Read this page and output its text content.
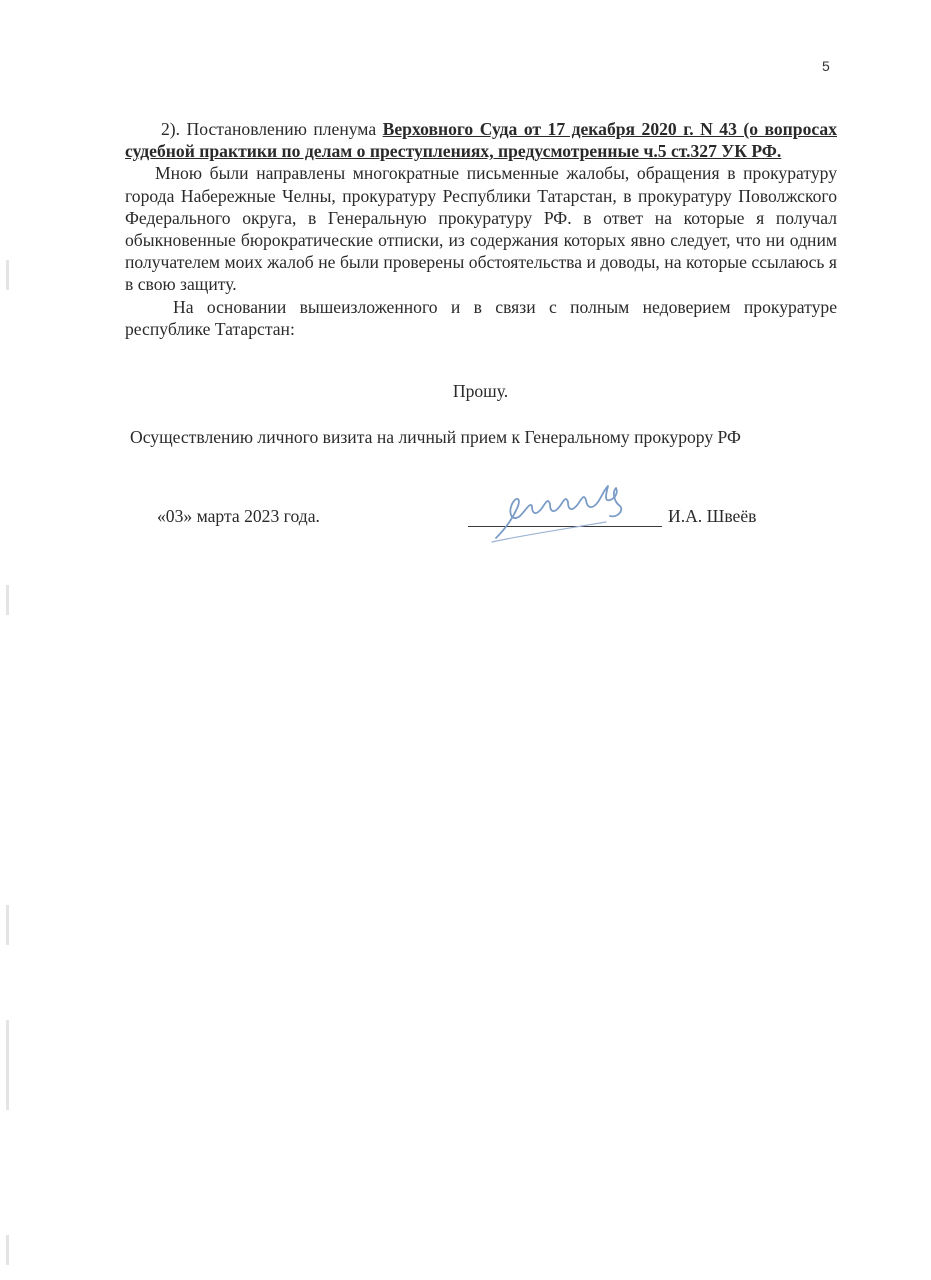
5

2). Постановлению пленума Верховного Суда от 17 декабря 2020 г. N 43 (о вопросах судебной практики по делам о преступлениях, предусмотренные ч.5 ст.327 УК РФ.

Мною были направлены многократные письменные жалобы, обращения в прокуратуру города Набережные Челны, прокуратуру Республики Татарстан, в прокуратуру Поволжского Федерального округа, в Генеральную прокуратуру РФ. в ответ на которые я получал обыкновенные бюрократические отписки, из содержания которых явно следует, что ни одним получателем моих жалоб не были проверены обстоятельства и доводы, на которые ссылаюсь я в свою защиту.

На основании вышеизложенного и в связи с полным недоверием прокуратуре республике Татарстан:

Прошу.
Осуществлению личного визита на личный прием к Генеральному прокурору РФ
«03» марта 2023 года.	И.А. Швеёв
